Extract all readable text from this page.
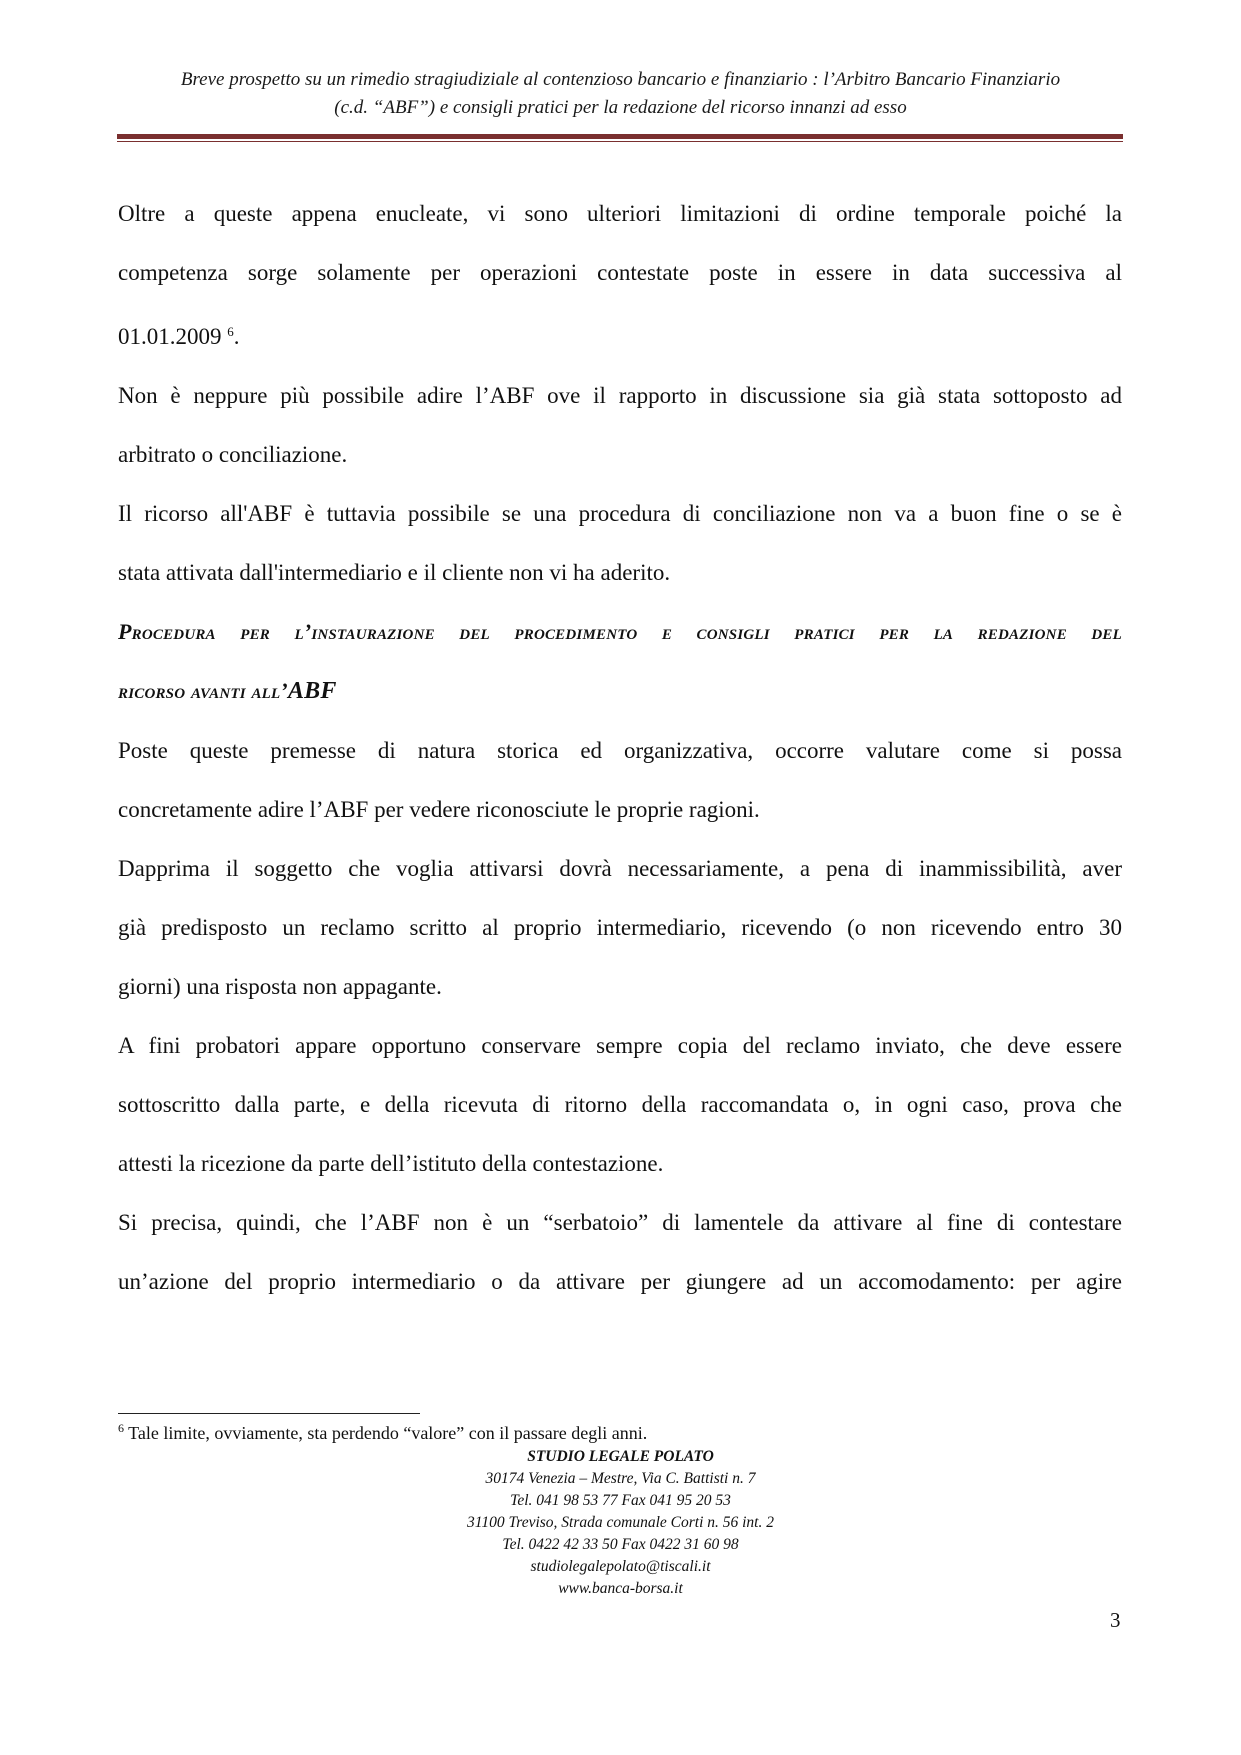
Breve prospetto su un rimedio stragiudiziale al contenzioso bancario e finanziario : l’Arbitro Bancario Finanziario
(c.d. “ABF”) e consigli pratici per la redazione del ricorso innanzi ad esso
Oltre a queste appena enucleate, vi sono ulteriori limitazioni di ordine temporale poiché la
competenza sorge solamente per operazioni contestate poste in essere in data successiva al
01.01.2009 $^6$.
Non è neppure più possibile adire l’ABF ove il rapporto in discussione sia già stata sottoposto ad
arbitrato o conciliazione.
Il ricorso all'ABF è tuttavia possibile se una procedura di conciliazione non va a buon fine o se è
stata attivata dall'intermediario e il cliente non vi ha aderito.
Procedura per l’instaurazione del procedimento e consigli pratici per la redazione del
ricorso avanti all’ABF
Poste queste premesse di natura storica ed organizzativa, occorre valutare come si possa
concretamente adire l’ABF per vedere riconosciute le proprie ragioni.
Dapprima il soggetto che voglia attivarsi dovrà necessariamente, a pena di inammissibilità, aver
già predisposto un reclamo scritto al proprio intermediario, ricevendo (o non ricevendo entro 30
giorni) una risposta non appagante.
A fini probatori appare opportuno conservare sempre copia del reclamo inviato, che deve essere
sottoscritto dalla parte, e della ricevuta di ritorno della raccomandata o, in ogni caso, prova che
attesti la ricezione da parte dell’istituto della contestazione.
Si precisa, quindi, che l’ABF non è un “serbatoio” di lamentele da attivare al fine di contestare
un’azione del proprio intermediario o da attivare per giungere ad un accomodamento: per agire
$^6$ Tale limite, ovviamente, sta perdendo “valore” con il passare degli anni.
STUDIO LEGALE POLATO
30174 Venezia – Mestre, Via C. Battisti n. 7
Tel. 041 98 53 77 Fax 041 95 20 53
31100 Treviso, Strada comunale Corti n. 56 int. 2
Tel. 0422 42 33 50 Fax 0422 31 60 98
studiolegalepolato@tiscali.it
www.banca-borsa.it
3
